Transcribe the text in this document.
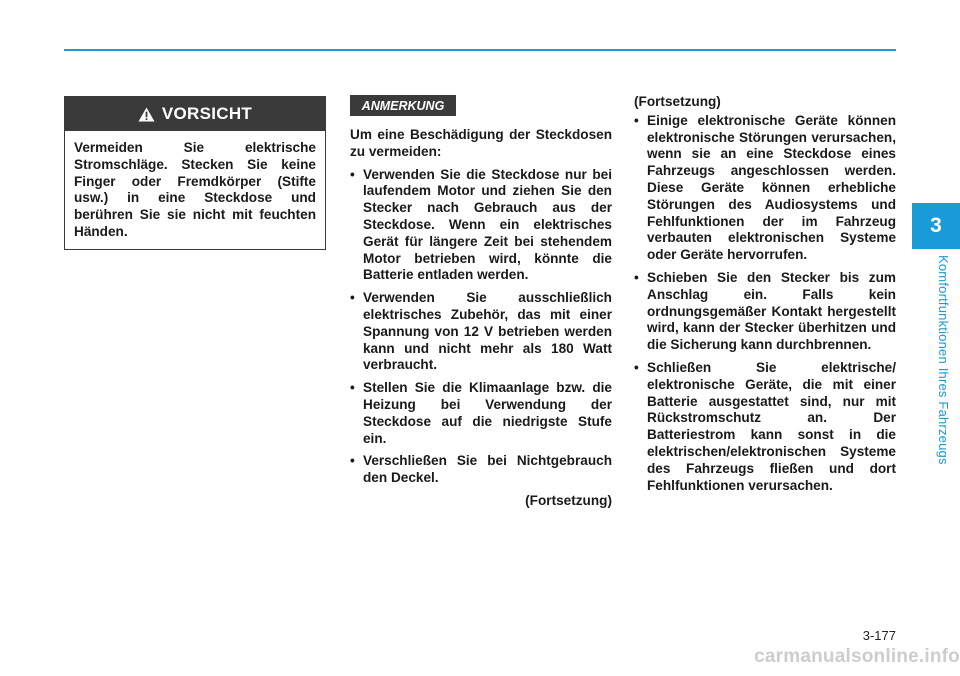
3
Komfortfunktionen Ihres Fahrzeugs
VORSICHT
Vermeiden Sie elektrische Stromschläge. Stecken Sie keine Finger oder Fremdkörper (Stifte usw.) in eine Steckdose und berühren Sie sie nicht mit feuchten Händen.
ANMERKUNG

Um eine Beschädigung der Steckdosen zu vermeiden:

• Verwenden Sie die Steckdose nur bei laufendem Motor und ziehen Sie den Stecker nach Gebrauch aus der Steckdose. Wenn ein elektrisches Gerät für längere Zeit bei stehendem Motor betrieben wird, könnte die Batterie entladen werden.
• Verwenden Sie ausschließlich elektrisches Zubehör, das mit einer Spannung von 12 V betrieben werden kann und nicht mehr als 180 Watt verbraucht.
• Stellen Sie die Klimaanlage bzw. die Heizung bei Verwendung der Steckdose auf die niedrigste Stufe ein.
• Verschließen Sie bei Nichtgebrauch den Deckel.

(Fortsetzung)

(Fortsetzung)

• Einige elektronische Geräte können elektronische Störungen verursachen, wenn sie an eine Steckdose eines Fahrzeugs angeschlossen werden. Diese Geräte können erhebliche Störungen des Audiosystems und Fehlfunktionen der im Fahrzeug verbauten elektronischen Systeme oder Geräte hervorrufen.
• Schieben Sie den Stecker bis zum Anschlag ein. Falls kein ordnungsgemäßer Kontakt hergestellt wird, kann der Stecker überhitzen und die Sicherung kann durchbrennen.
• Schließen Sie elektrische/ elektronische Geräte, die mit einer Batterie ausgestattet sind, nur mit Rückstromschutz an. Der Batteriestrom kann sonst in die elektrischen/elektronischen Systeme des Fahrzeugs fließen und dort Fehlfunktionen verursachen.
3-177
carmanualsonline.info
